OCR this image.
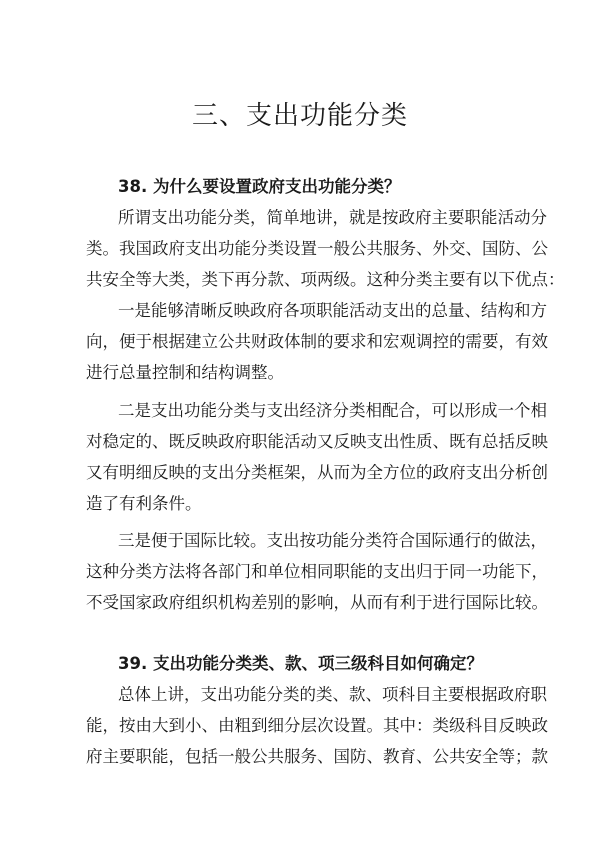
三、支出功能分类
38. 为什么要设置政府支出功能分类？
所谓支出功能分类，简单地讲，就是按政府主要职能活动分
类。我国政府支出功能分类设置一般公共服务、外交、国防、公
共安全等大类，类下再分款、项两级。这种分类主要有以下优点：
一是能够清晰反映政府各项职能活动支出的总量、结构和方
向，便于根据建立公共财政体制的要求和宏观调控的需要，有效
进行总量控制和结构调整。
二是支出功能分类与支出经济分类相配合，可以形成一个相
对稳定的、既反映政府职能活动又反映支出性质、既有总括反映
又有明细反映的支出分类框架，从而为全方位的政府支出分析创
造了有利条件。
三是便于国际比较。支出按功能分类符合国际通行的做法，
这种分类方法将各部门和单位相同职能的支出归于同一功能下，
不受国家政府组织机构差别的影响，从而有利于进行国际比较。
39. 支出功能分类类、款、项三级科目如何确定？
总体上讲，支出功能分类的类、款、项科目主要根据政府职
能，按由大到小、由粗到细分层次设置。其中：类级科目反映政
府主要职能，包括一般公共服务、国防、教育、公共安全等；款
